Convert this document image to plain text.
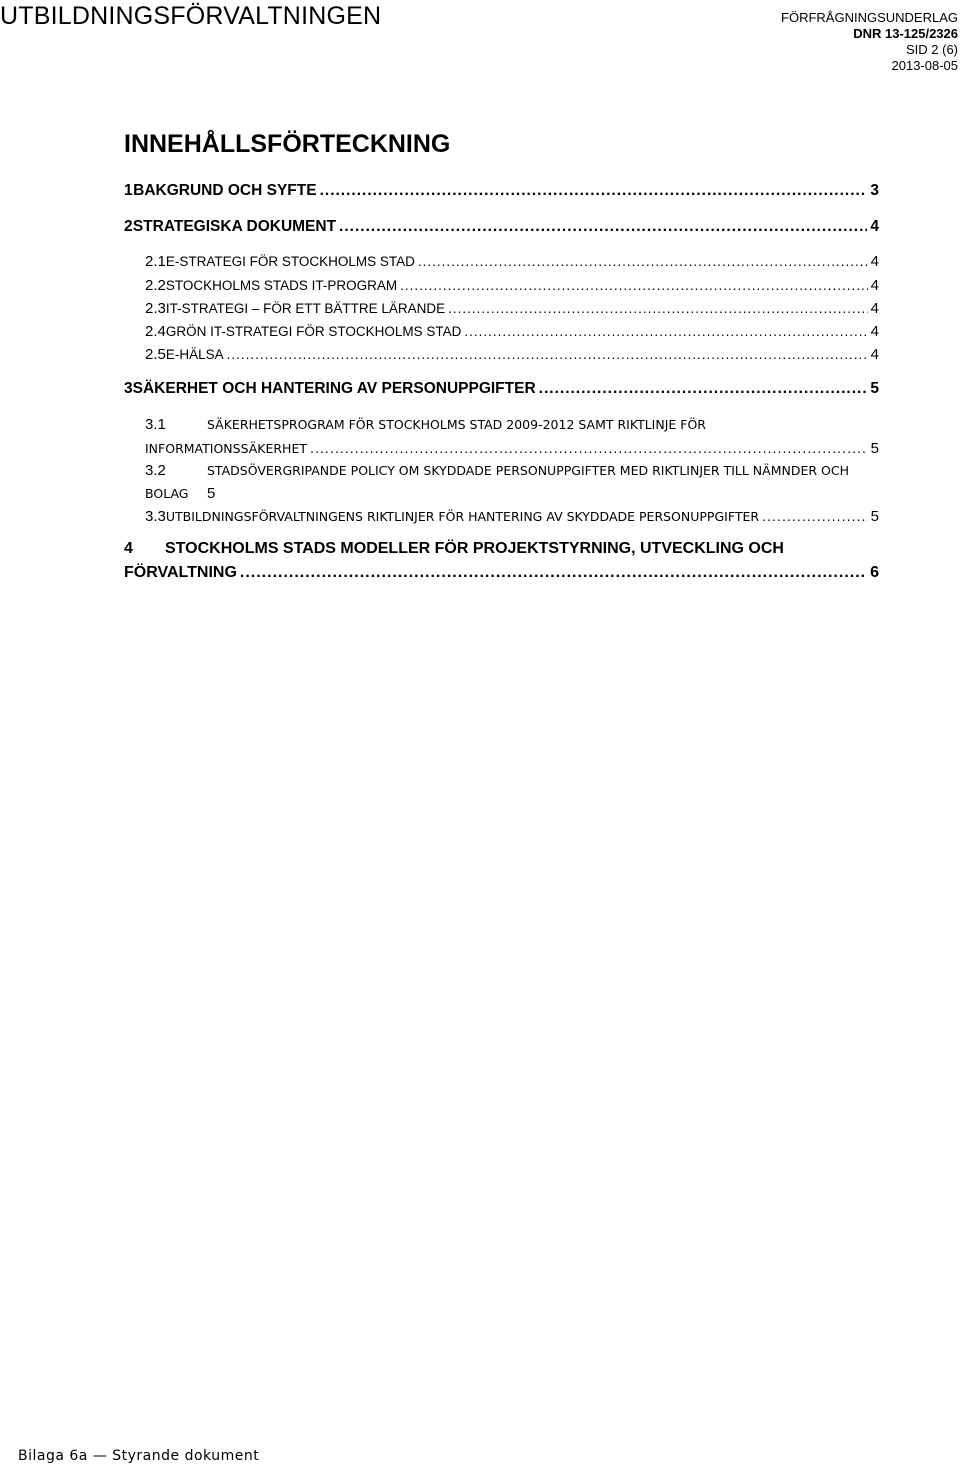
UTBILDNINGSFÖRVALTNINGEN	FÖRFRÅGNINGSUNDERLAG
DNR 13-125/2326
SID 2 (6)
2013-08-05
INNEHÅLLSFÖRTECKNING
1 BAKGRUND OCH SYFTE .....	3
2 STRATEGISKA DOKUMENT .....	4
2.1 E-STRATEGI FÖR STOCKHOLMS STAD .....	4
2.2 STOCKHOLMS STADS IT-PROGRAM .....	4
2.3 IT-STRATEGI – FÖR ETT BÄTTRE LÄRANDE .....	4
2.4 GRÖN IT-STRATEGI FÖR STOCKHOLMS STAD .....	4
2.5 E-HÄLSA .....	4
3 SÄKERHET OCH HANTERING AV PERSONUPPGIFTER .....	5
3.1	SÄKERHETSPROGRAM FÖR STOCKHOLMS STAD 2009-2012 SAMT RIKTLINJE FÖR
INFORMATIONSSÄKERHET .....	5
3.2	STADSÖVERGRIPANDE POLICY OM SKYDDADE PERSONUPPGIFTER MED RIKTLINJER TILL NÄMNDER OCH
BOLAG	5
3.3 UTBILDNINGSFÖRVALTNINGENS RIKTLINJER FÖR HANTERING AV SKYDDADE PERSONUPPGIFTER .....	5
4	STOCKHOLMS STADS MODELLER FÖR PROJEKTSTYRNING, UTVECKLING OCH
FÖRVALTNING .....	6
Bilaga 6a — Styrande dokument
